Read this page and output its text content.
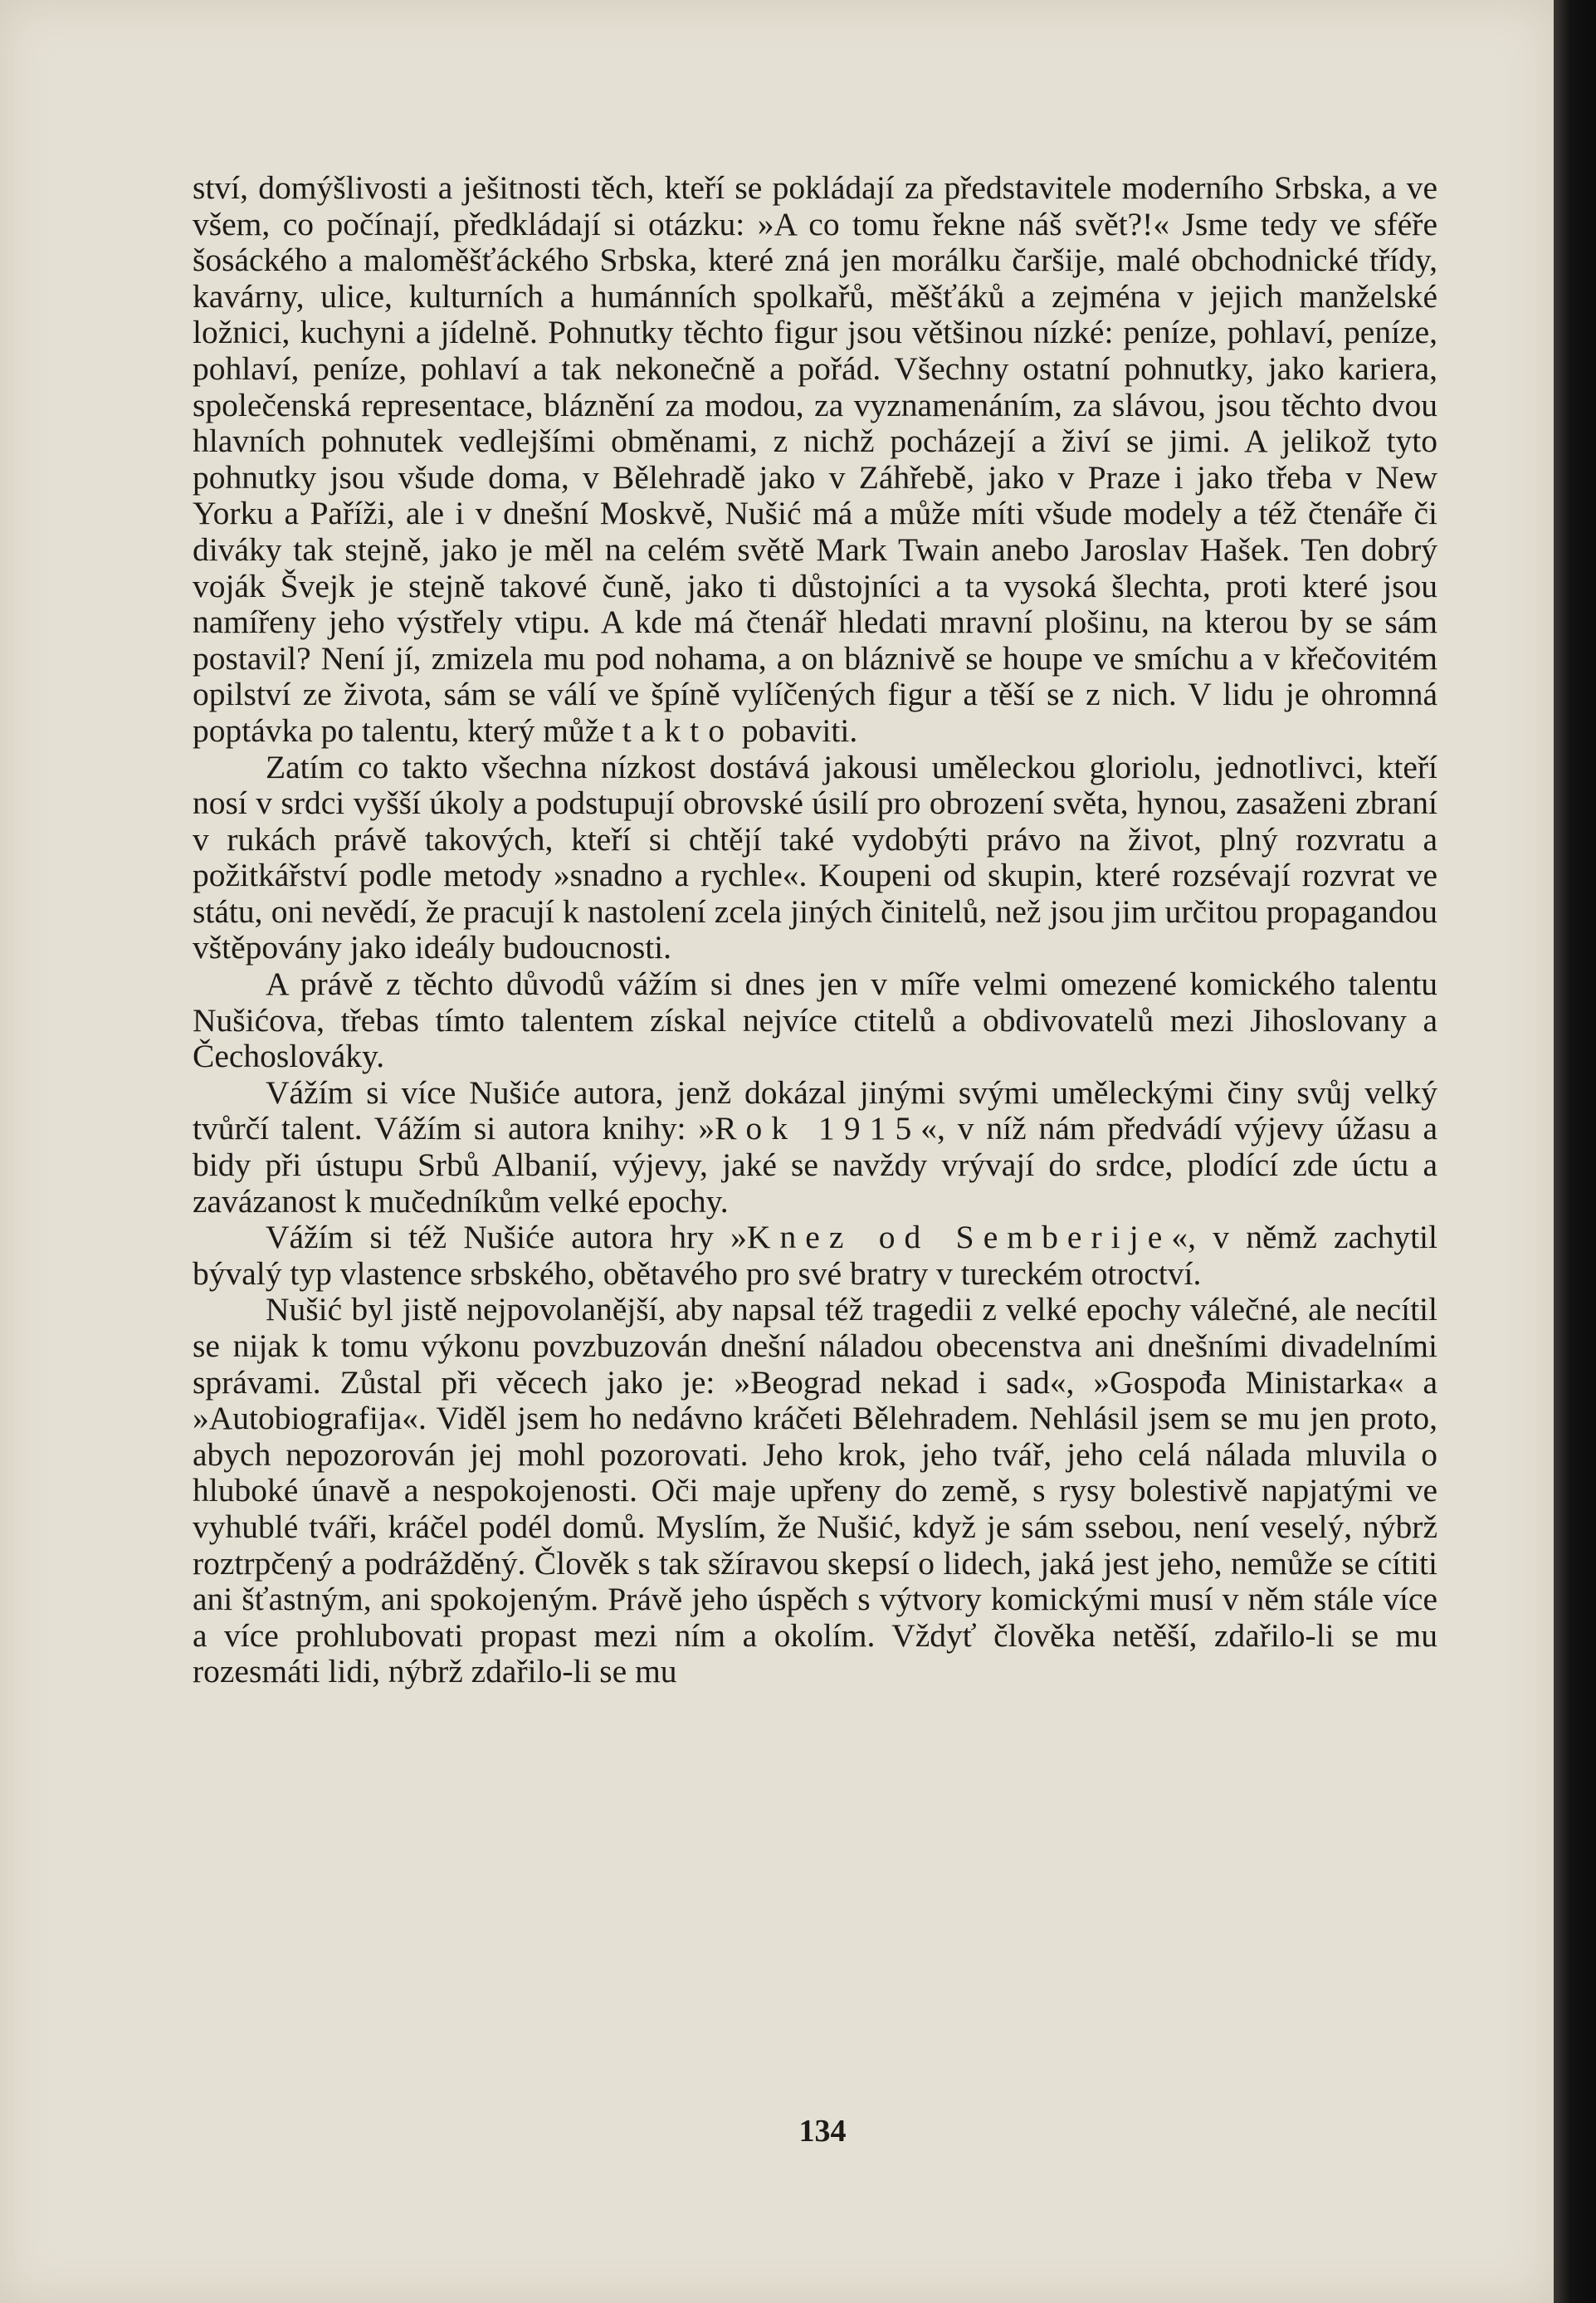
ství, domýšlivosti a ješitnosti těch, kteří se pokládají za představitele moderního Srbska, a ve všem, co počínají, předkládají si otázku: »A co tomu řekne náš svět?!« Jsme tedy ve sféře šosáckého a maloměšťáckého Srbska, které zná jen morálku čaršije, malé obchodnické třídy, kavárny, ulice, kulturních a humánních spolkařů, měšťáků a zejména v jejich manželské ložnici, kuchyni a jídelně. Pohnutky těchto figur jsou většinou nízké: peníze, pohlaví, peníze, pohlaví, peníze, pohlaví a tak nekonečně a pořád. Všechny ostatní pohnutky, jako kariera, společenská representace, bláznění za modou, za vyznamenáním, za slávou, jsou těchto dvou hlavních pohnutek vedlejšími obměnami, z nichž pocházejí a živí se jimi. A jelikož tyto pohnutky jsou všude doma, v Bělehradě jako v Záhřebě, jako v Praze i jako třeba v New Yorku a Paříži, ale i v dnešní Moskvě, Nušić má a může míti všude modely a též čtenáře či diváky tak stejně, jako je měl na celém světě Mark Twain anebo Jaroslav Hašek. Ten dobrý voják Švejk je stejně takové čuně, jako ti důstojníci a ta vysoká šlechta, proti které jsou namířeny jeho výstřely vtipu. A kde má čtenář hledati mravní plošinu, na kterou by se sám postavil? Není jí, zmizela mu pod nohama, a on bláznivě se houpe ve smíchu a v křečovitém opilství ze života, sám se válí ve špíně vylíčených figur a těší se z nich. V lidu je ohromná poptávka po talentu, který může takto pobaviti.

Zatím co takto všechna nízkost dostává jakousi uměleckou gloriolu, jednotlivci, kteří nosí v srdci vyšší úkoly a podstupují obrovské úsilí pro obrození světa, hynou, zasaženi zbraní v rukách právě takových, kteří si chtějí také vydobýti právo na život, plný rozvratu a požitkářství podle metody »snadno a rychle«. Koupeni od skupin, které rozsévají rozvrat ve státu, oni nevědí, že pracují k nastolení zcela jiných činitelů, než jsou jim určitou propagandou vštěpovány jako ideály budoucnosti.

A právě z těchto důvodů vážím si dnes jen v míře velmi omezené komického talentu Nušićova, třebas tímto talentem získal nejvíce ctitelů a obdivovatelů mezi Jihoslovany a Čechoslováky.

Vážím si více Nušiće autora, jenž dokázal jinými svými uměleckými činy svůj velký tvůrčí talent. Vážím si autora knihy: »Rok 1915«, v níž nám předvádí výjevy úžasu a bidy při ústupu Srbů Albanií, výjevy, jaké se navždy vrývají do srdce, plodící zde úctu a zavázanost k mučedníkům velké epochy.

Vážím si též Nušiće autora hry »Knez od Semberije«, v němž zachytil bývalý typ vlastence srbského, obětavého pro své bratry v tureckém otroctví.

Nušić byl jistě nejpovolanější, aby napsal též tragedii z velké epochy válečné, ale necítil se nijak k tomu výkonu povzbuzován dnešní náladou obecenstva ani dnešními divadelními správami. Zůstal při věcech jako je: »Beograd nekad i sad«, »Gospođa Ministarka« a »Autobiografija«. Viděl jsem ho nedávno kráčeti Bělehradem. Nehlásil jsem se mu jen proto, abych nepozorován jej mohl pozorovati. Jeho krok, jeho tvář, jeho celá nálada mluvila o hluboké únavě a nespokojenosti. Oči maje upřeny do země, s rysy bolestivě napjatými ve vyhublé tváři, kráčel podél domů. Myslím, že Nušić, když je sám ssebou, není veselý, nýbrž roztrpčený a podrážděný. Člověk s tak sžíravou skepsí o lidech, jaká jest jeho, nemůže se cítiti ani šťastným, ani spokojeným. Právě jeho úspěch s výtvory komickými musí v něm stále více a více prohlubovati propast mezi ním a okolím. Vždyť člověka netěší, zdařilo-li se mu rozesmáti lidi, nýbrž zdařilo-li se mu

134
